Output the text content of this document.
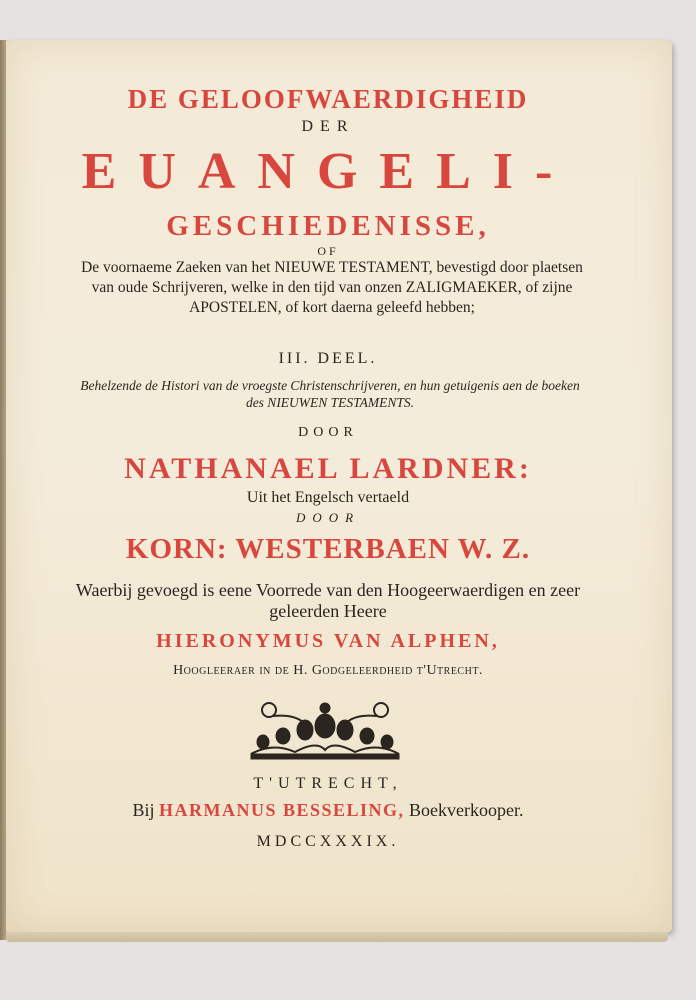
DE GELOOFWAERDIGHEID
DER
EUANGELI-
GESCHIEDENISSE,
OF
De voornaeme Zaeken van het NIEUWE TESTAMENT, bevestigd door plaetsen van oude Schrijveren, welke in den tijd van onzen ZALIGMAEKER, of zijne APOSTELEN, of kort daerna geleefd hebben;
III. DEEL.
Behelzende de Histori van de vroegste Christenschrijveren, en hun getuigenis aen de boeken des NIEUWEN TESTAMENTS.
DOOR
NATHANAEL LARDNER:
Uit het Engelsch vertaeld
DOOR
KORN: WESTERBAEN W. Z.
Waerbij gevoegd is eene Voorrede van den Hoogeerwaerdigen en zeer geleerden Heere
HIERONYMUS VAN ALPHEN,
Hoogleeraer in de H. Godgeleerdheid t'Utrecht.
T'UTRECHT,
Bij HARMANUS BESSELING, Boekverkooper.
MDCCXXXIX.
